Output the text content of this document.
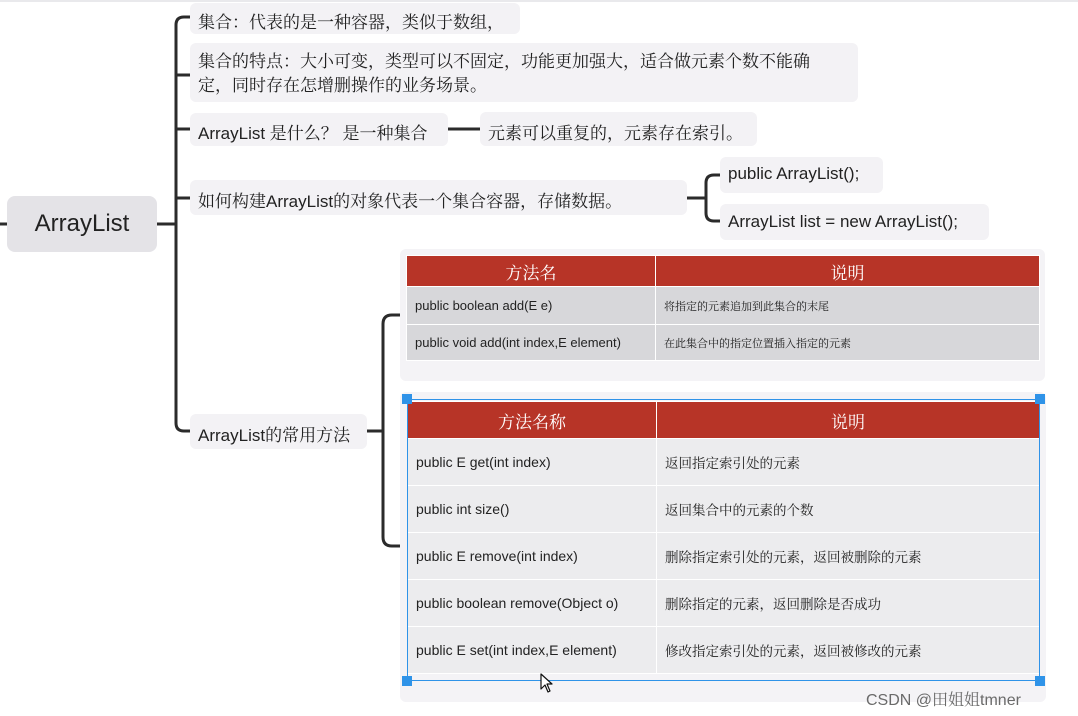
ArrayList
集合：代表的是一种容器，类似于数组，
集合的特点：大小可变，类型可以不固定，功能更加强大，适合做元素个数不能确
定，同时存在怎增删操作的业务场景。
ArrayList 是什么？ 是一种集合	元素可以重复的，元素存在索引。
如何构建ArrayList的对象代表一个集合容器，存储数据。
public ArrayList();
ArrayList list = new ArrayList();
ArrayList的常用方法
方法名	说明
public boolean add(E e)	将指定的元素追加到此集合的末尾
public void add(int index,E element)	在此集合中的指定位置插入指定的元素
方法名称	说明
public E get(int index)	返回指定索引处的元素
public int size()	返回集合中的元素的个数
public E remove(int index)	删除指定索引处的元素，返回被删除的元素
public boolean remove(Object o)	删除指定的元素，返回删除是否成功
public E set(int index,E element)	修改指定索引处的元素，返回被修改的元素
CSDN @田姐姐tmner
